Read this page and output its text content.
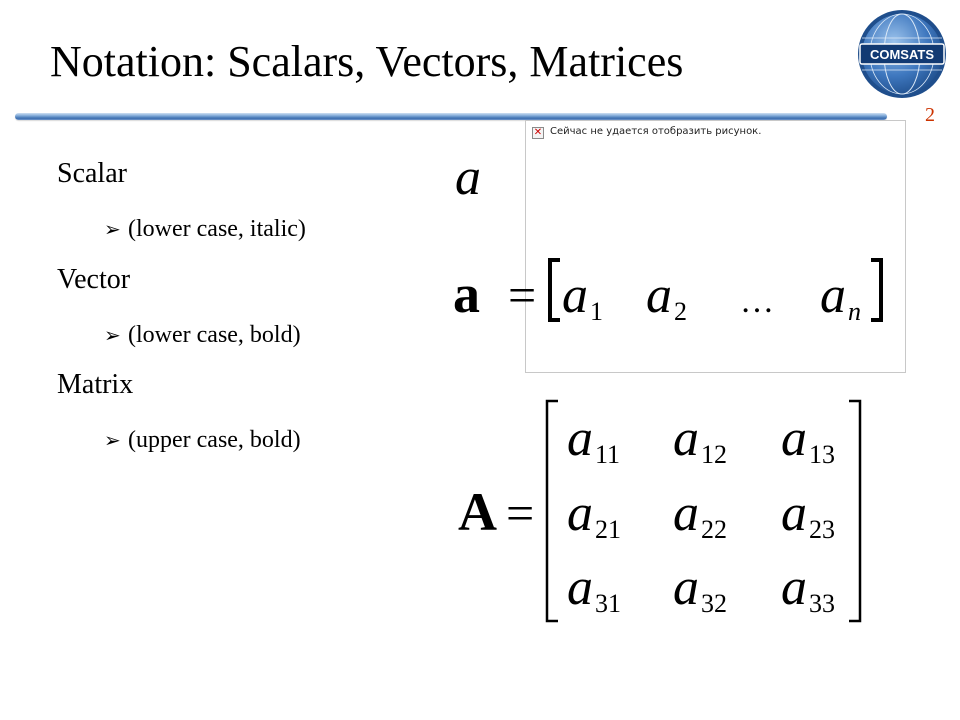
Notation: Scalars, Vectors, Matrices
2
COMSATS
Scalar
➢ (lower case, italic)
Vector
➢ (lower case, bold)
Matrix
➢ (upper case, bold)
✕ Сейчас не удается отобразить рисунок.
a
a = a 1 a 2 … a n
A =
a 11 a 12 a 13
a 21 a 22 a 23
a 31 a 32 a 33
